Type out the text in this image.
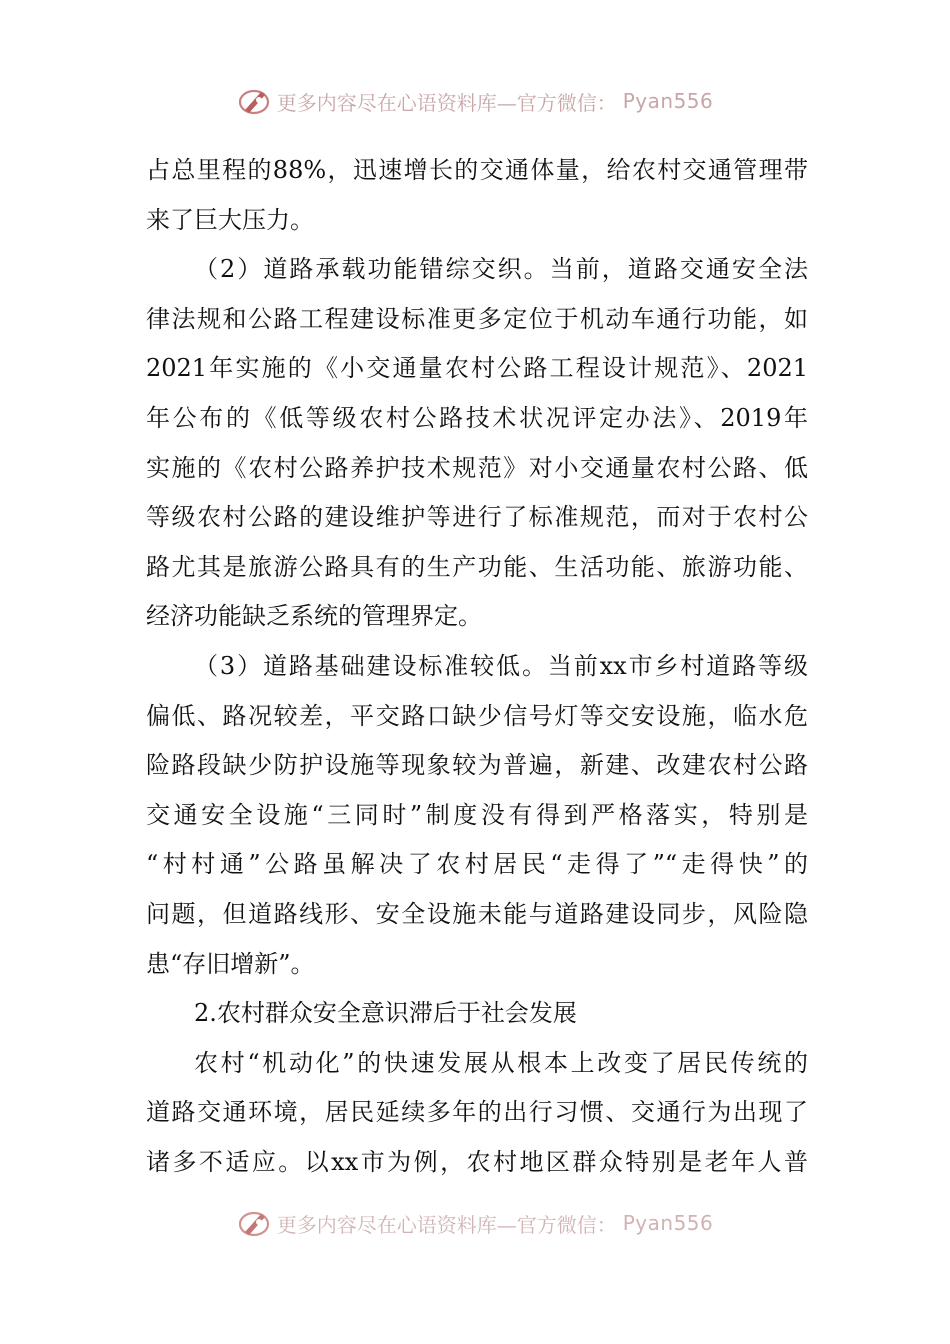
更多内容尽在心语资料库—官方微信： Pyan556
占总里程的88%，迅速增长的交通体量，给农村交通管理带
来了巨大压力。
（2）道路承载功能错综交织。当前，道路交通安全法
律法规和公路工程建设标准更多定位于机动车通行功能，如
2021年实施的《小交通量农村公路工程设计规范》、2021
年公布的《低等级农村公路技术状况评定办法》、2019年
实施的《农村公路养护技术规范》对小交通量农村公路、低
等级农村公路的建设维护等进行了标准规范，而对于农村公
路尤其是旅游公路具有的生产功能、生活功能、旅游功能、
经济功能缺乏系统的管理界定。
（3）道路基础建设标准较低。当前xx市乡村道路等级
偏低、路况较差，平交路口缺少信号灯等交安设施，临水危
险路段缺少防护设施等现象较为普遍，新建、改建农村公路
交通安全设施“三同时”制度没有得到严格落实，特别是
“村村通”公路虽解决了农村居民“走得了”“走得快”的
问题，但道路线形、安全设施未能与道路建设同步，风险隐
患“存旧增新”。
2.农村群众安全意识滞后于社会发展
农村“机动化”的快速发展从根本上改变了居民传统的
道路交通环境，居民延续多年的出行习惯、交通行为出现了
诸多不适应。以xx市为例，农村地区群众特别是老年人普
更多内容尽在心语资料库—官方微信： Pyan556
